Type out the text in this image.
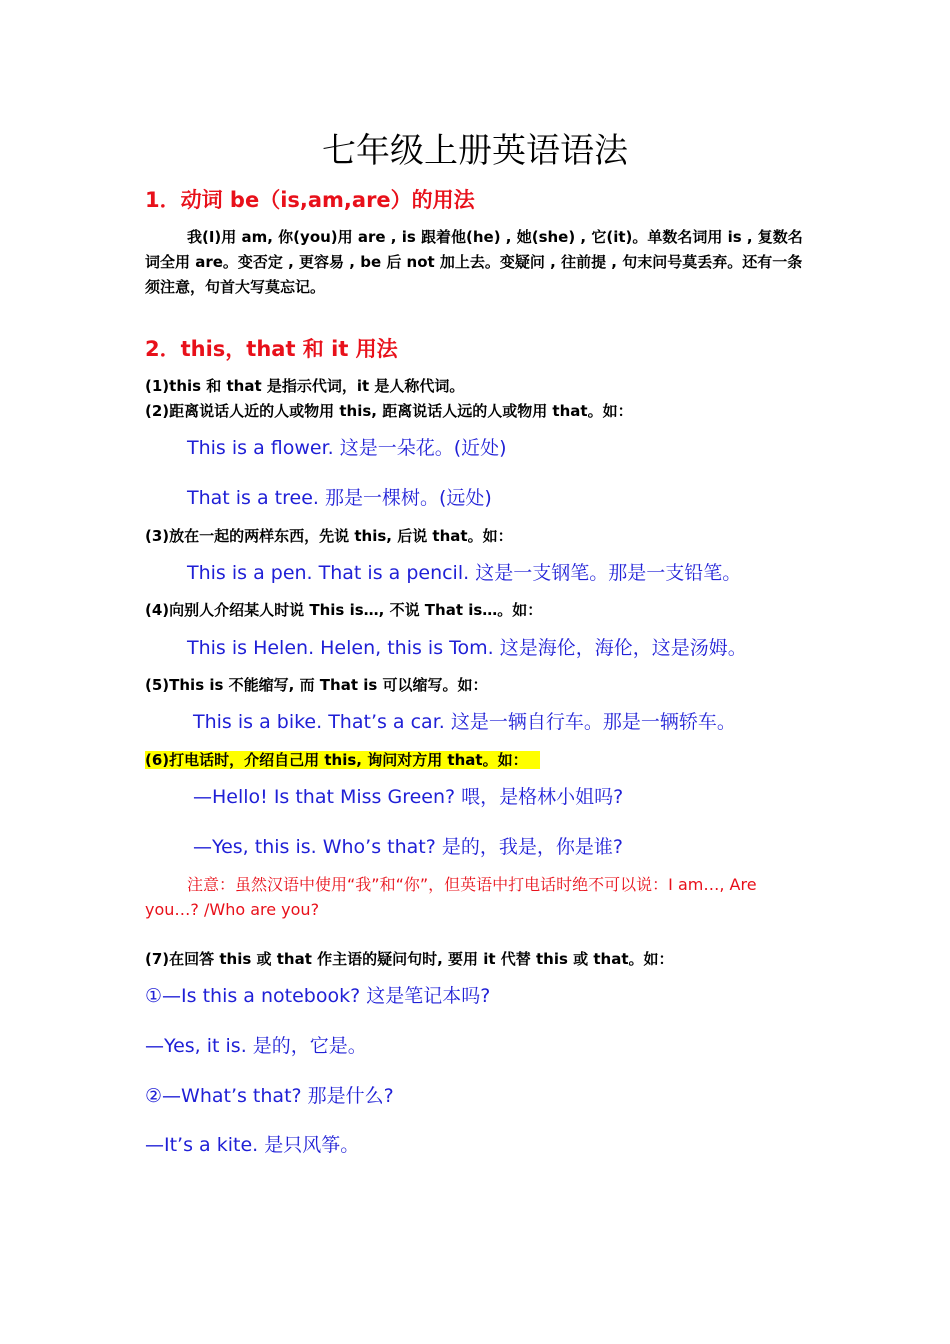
七年级上册英语语法
1．动词 be（is,am,are）的用法
我(I)用 am, 你(you)用 are , is 跟着他(he) , 她(she) , 它(it)。单数名词用 is , 复数名词全用 are。变否定 , 更容易 , be 后 not 加上去。变疑问 , 往前提 , 句末问号莫丢弃。还有一条须注意，句首大写莫忘记。
2．this，that 和 it 用法
(1)this 和 that 是指示代词，it 是人称代词。
(2)距离说话人近的人或物用 this, 距离说话人远的人或物用 that。如：
This is a flower. 这是一朵花。(近处)
That is a tree. 那是一棵树。(远处)
(3)放在一起的两样东西，先说 this, 后说 that。如：
This is a pen. That is a pencil. 这是一支钢笔。那是一支铅笔。
(4)向别人介绍某人时说 This is…, 不说 That is…。如：
This is Helen. Helen, this is Tom. 这是海伦，海伦，这是汤姆。
(5)This is 不能缩写, 而 That is 可以缩写。如：
This is a bike. That’s a car. 这是一辆自行车。那是一辆轿车。
(6)打电话时，介绍自己用 this, 询问对方用 that。如：
—Hello! Is that Miss Green? 喂，是格林小姐吗?
—Yes, this is. Who’s that? 是的，我是，你是谁?
注意：虽然汉语中使用“我”和“你”，但英语中打电话时绝不可以说：I am…, Are you…? /Who are you?
(7)在回答 this 或 that 作主语的疑问句时, 要用 it 代替 this 或 that。如：
①—Is this a notebook? 这是笔记本吗?
—Yes, it is. 是的，它是。
②—What’s that? 那是什么?
—It’s a kite. 是只风筝。
